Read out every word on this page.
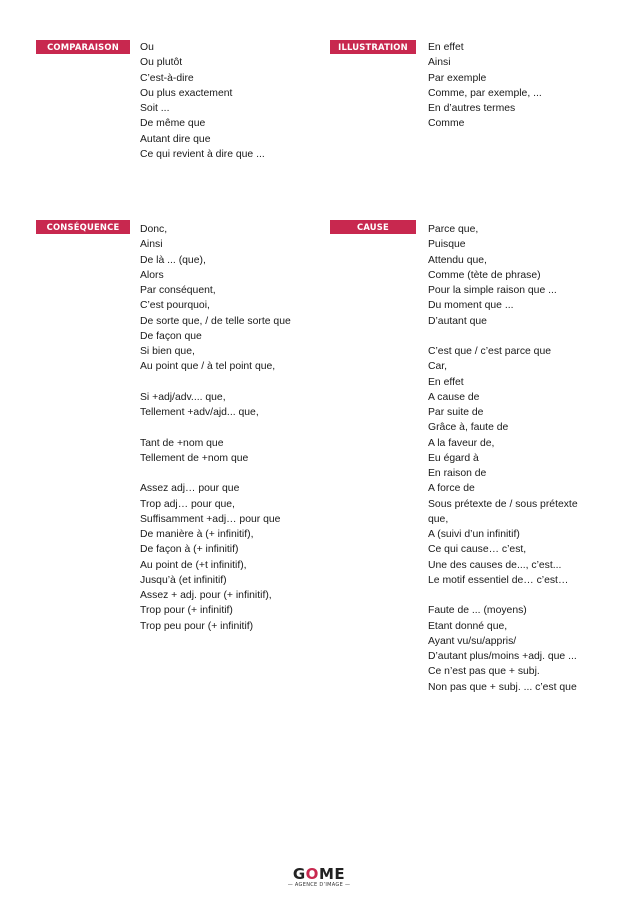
COMPARAISON	Ou
Ou plutôt
C’est-à-dire
Ou plus exactement
Soit ...
De même que
Autant dire que
Ce qui revient à dire que ...
ILLUSTRATION	En effet
Ainsi
Par exemple
Comme, par exemple, ...
En d’autres termes
Comme
CONSÉQUENCE	Donc,
Ainsi
De là ... (que),
Alors
Par conséquent,
C’est pourquoi,
De sorte que, / de telle sorte que
De façon que
Si bien que,
Au point que / à tel point que,
Si +adj/adv.... que,
Tellement +adv/ajd... que,
Tant de +nom que
Tellement de +nom que
Assez adj… pour que
Trop adj… pour que,
Suffisamment +adj… pour que
De manière à (+ infinitif),
De façon à (+ infinitif)
Au point de (+t infinitif),
Jusqu’à (et infinitif)
Assez + adj. pour (+ infinitif),
Trop pour (+ infinitif)
Trop peu pour (+ infinitif)
CAUSE	Parce que,
Puisque
Attendu que,
Comme (tète de phrase)
Pour la simple raison que ...
Du moment que ...
D’autant que
C’est que / c’est parce que
Car,
En effet
A cause de
Par suite de
Grâce à, faute de
A la faveur de,
Eu égard à
En raison de
A force de
Sous prétexte de / sous prétexte
que,
A (suivi d’un infinitif)
Ce qui cause… c’est,
Une des causes de..., c’est...
Le motif essentiel de… c’est…
Faute de ... (moyens)
Etant donné que,
Ayant vu/su/appris/
D’autant plus/moins +adj. que ...
Ce n’est pas que + subj.
Non pas que + subj. ... c’est que
GOME
— AGENCE D’IMAGE —
